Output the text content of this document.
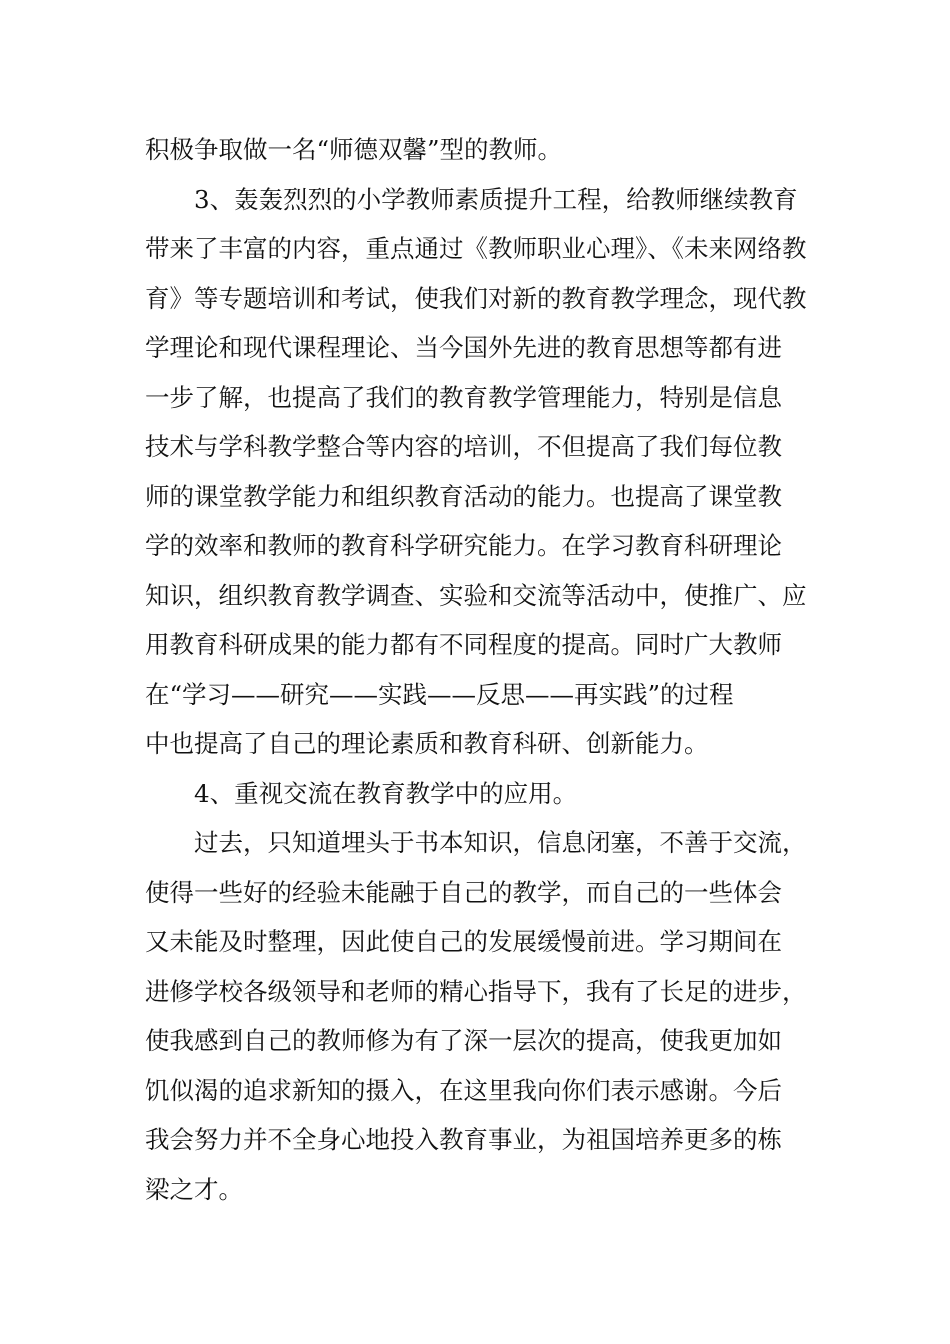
积极争取做一名“师德双馨”型的教师。
3、轰轰烈烈的小学教师素质提升工程，给教师继续教育
带来了丰富的内容，重点通过《教师职业心理》、《未来网络教
育》等专题培训和考试，使我们对新的教育教学理念，现代教
学理论和现代课程理论、当今国外先进的教育思想等都有进
一步了解，也提高了我们的教育教学管理能力，特别是信息
技术与学科教学整合等内容的培训，不但提高了我们每位教
师的课堂教学能力和组织教育活动的能力。也提高了课堂教
学的效率和教师的教育科学研究能力。在学习教育科研理论
知识，组织教育教学调查、实验和交流等活动中，使推广、应
用教育科研成果的能力都有不同程度的提高。同时广大教师
在“学习——研究——实践——反思——再实践”的过程
中也提高了自己的理论素质和教育科研、创新能力。
4、重视交流在教育教学中的应用。
过去，只知道埋头于书本知识，信息闭塞，不善于交流，
使得一些好的经验未能融于自己的教学，而自己的一些体会
又未能及时整理，因此使自己的发展缓慢前进。学习期间在
进修学校各级领导和老师的精心指导下，我有了长足的进步，
使我感到自己的教师修为有了深一层次的提高，使我更加如
饥似渴的追求新知的摄入，在这里我向你们表示感谢。今后
我会努力并不全身心地投入教育事业，为祖国培养更多的栋
梁之才。
